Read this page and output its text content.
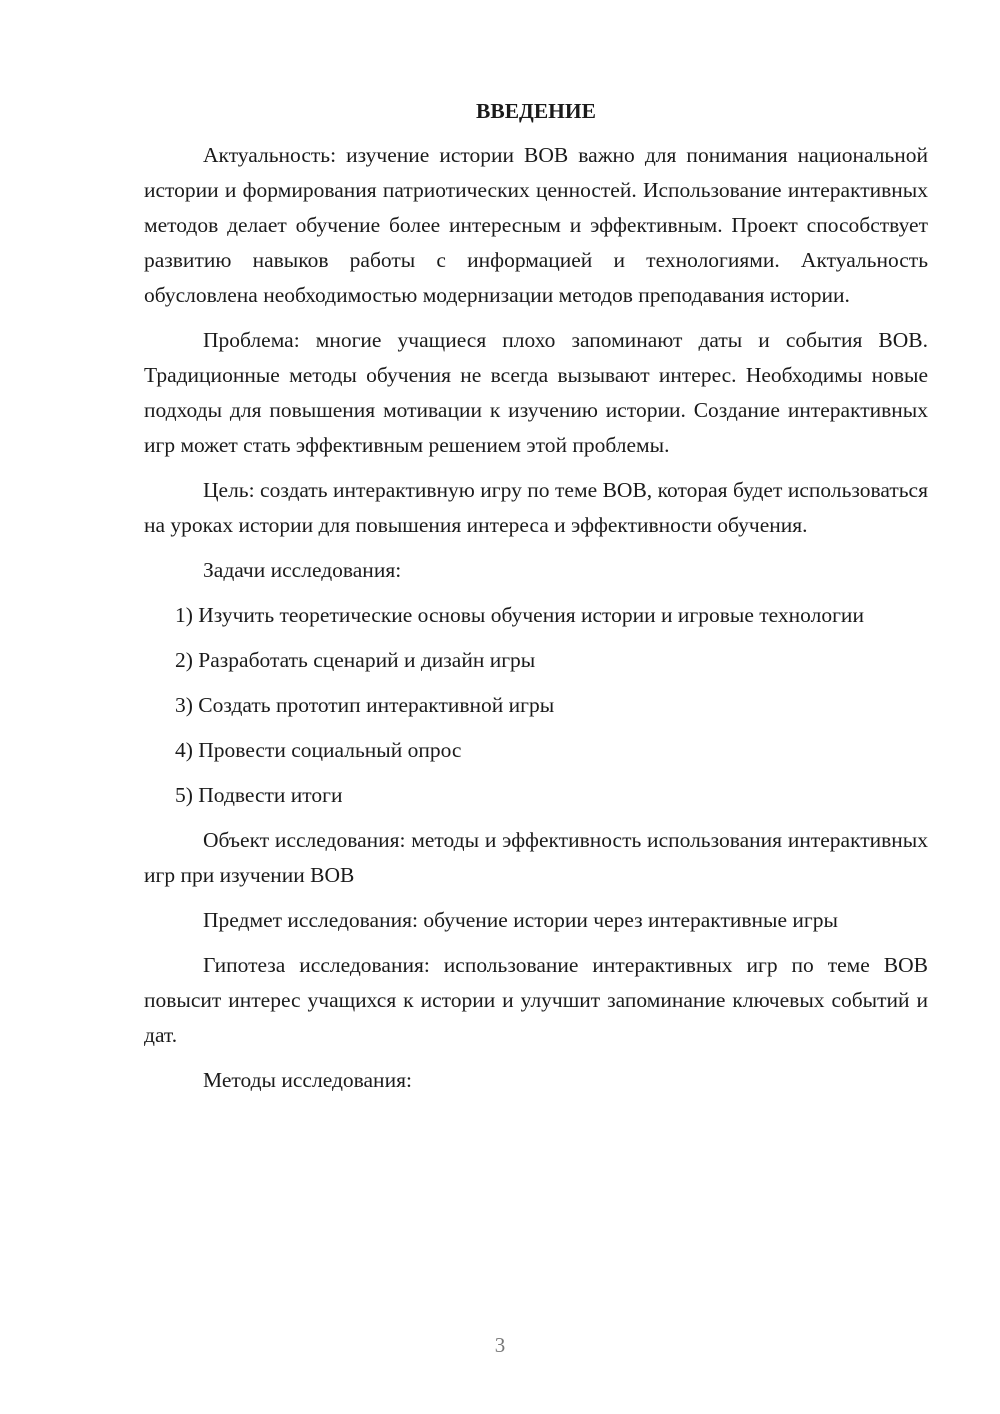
ВВЕДЕНИЕ

Актуальность: изучение истории ВОВ важно для понимания национальной истории и формирования патриотических ценностей. Использование интерактивных методов делает обучение более интересным и эффективным. Проект способствует развитию навыков работы с информацией и технологиями. Актуальность обусловлена необходимостью модернизации методов преподавания истории.

Проблема: многие учащиеся плохо запоминают даты и события ВОВ. Традиционные методы обучения не всегда вызывают интерес. Необходимы новые подходы для повышения мотивации к изучению истории. Создание интерактивных игр может стать эффективным решением этой проблемы.

Цель: создать интерактивную игру по теме ВОВ, которая будет использоваться на уроках истории для повышения интереса и эффективности обучения.

Задачи исследования:

1) Изучить теоретические основы обучения истории и игровые технологии

2) Разработать сценарий и дизайн игры

3) Создать прототип интерактивной игры

4) Провести социальный опрос

5) Подвести итоги

Объект исследования: методы и эффективность использования интерактивных игр при изучении ВОВ

Предмет исследования: обучение истории через интерактивные игры

Гипотеза исследования: использование интерактивных игр по теме ВОВ повысит интерес учащихся к истории и улучшит запоминание ключевых событий и дат.

Методы исследования:

3
